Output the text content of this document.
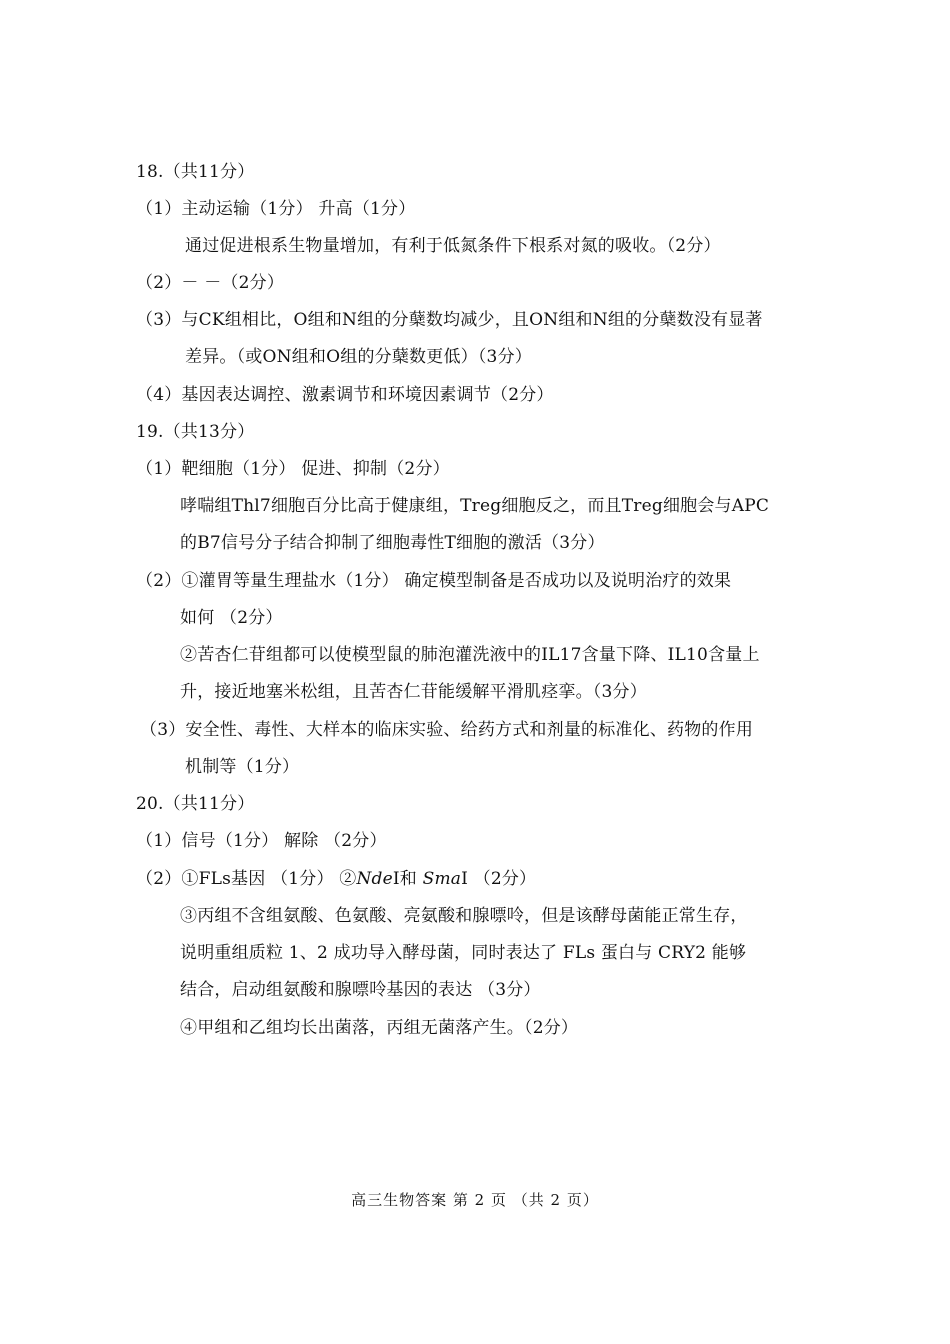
18.（共11分）
（1）主动运输（1分） 升高（1分）
通过促进根系生物量增加，有利于低氮条件下根系对氮的吸收。（2分）
（2）－ －（2分）
（3）与CK组相比，O组和N组的分蘖数均减少，且ON组和N组的分蘖数没有显著
差异。（或ON组和O组的分蘖数更低）（3分）
（4）基因表达调控、激素调节和环境因素调节（2分）
19.（共13分）
（1）靶细胞（1分） 促进、抑制（2分）
哮喘组Thl7细胞百分比高于健康组，Treg细胞反之，而且Treg细胞会与APC
的B7信号分子结合抑制了细胞毒性T细胞的激活（3分）
（2）①灌胃等量生理盐水（1分） 确定模型制备是否成功以及说明治疗的效果
如何 （2分）
②苦杏仁苷组都可以使模型鼠的肺泡灌洗液中的IL17含量下降、IL10含量上
升，接近地塞米松组，且苦杏仁苷能缓解平滑肌痉挛。（3分）
（3）安全性、毒性、大样本的临床实验、给药方式和剂量的标准化、药物的作用
机制等（1分）
20.（共11分）
（1）信号（1分） 解除 （2分）
（2）①FLs基因 （1分） ②NdeⅠ和 SmaⅠ （2分）
③丙组不含组氨酸、色氨酸、亮氨酸和腺嘌呤，但是该酵母菌能正常生存，
说明重组质粒 1、2 成功导入酵母菌，同时表达了 FLs 蛋白与 CRY2 能够
结合，启动组氨酸和腺嘌呤基因的表达 （3分）
④甲组和乙组均长出菌落，丙组无菌落产生。（2分）
高三生物答案 第 2 页 （共 2 页）
